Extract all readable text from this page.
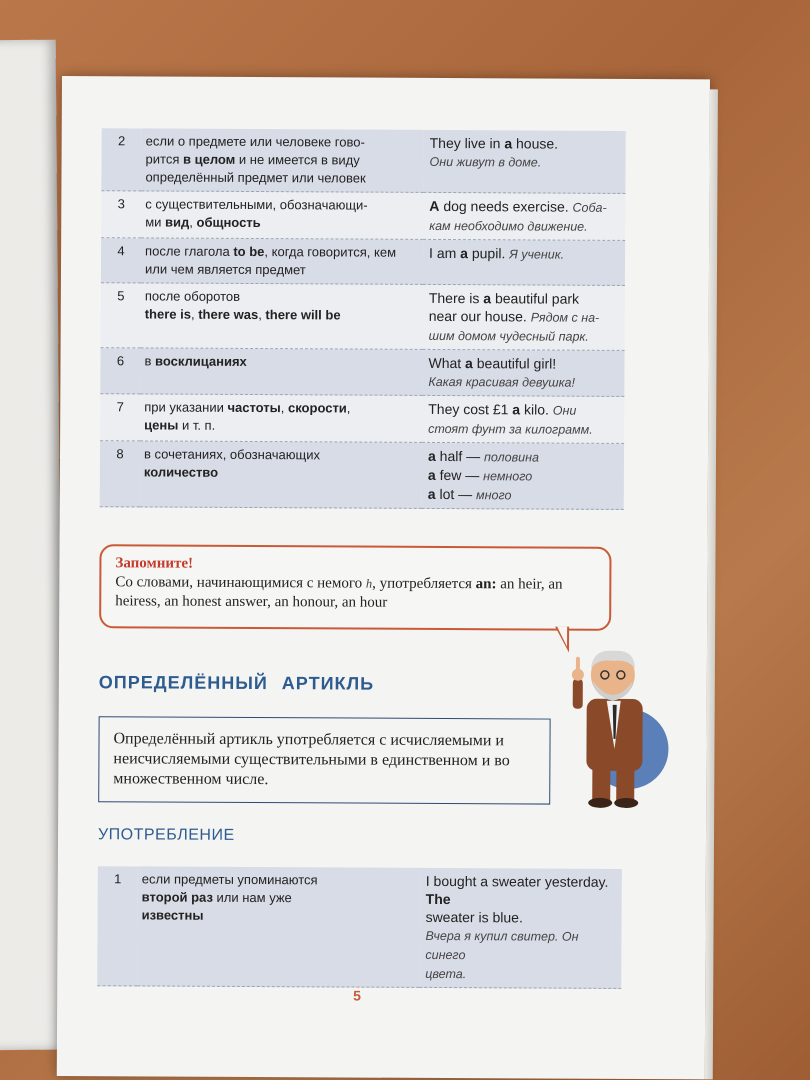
2	если о предмете или человеке гово-
рится в целом и не имеется в виду определённый предмет или человек	They live in a house.
Они живут в доме.
3	с существительными, обозначающи-
ми вид, общность	A dog needs exercise. Соба-
кам необходимо движение.
4	после глагола to be, когда говорится, кем или чем является предмет	I am a pupil. Я ученик.
5	после оборотов
there is, there was, there will be	There is a beautiful park
near our house. Рядом с на-
шим домом чудесный парк.
6	в восклицаниях	What a beautiful girl!
Какая красивая девушка!
7	при указании частоты, скорости,
цены и т. п.	They cost £1 a kilo. Они
стоят фунт за килограмм.
8	в сочетаниях, обозначающих
количество	a half — половина
a few — немного
a lot — много
Запомните!
Со словами, начинающимися с немого h, употребляется an: an heir, an heiress, an honest answer, an honour, an hour
ОПРЕДЕЛЁННЫЙ АРТИКЛЬ
Определённый артикль употребляется с исчисляемыми и неисчисляемыми существительными в единственном и во множественном числе.
УПОТРЕБЛЕНИЕ
1	если предметы упоминаются
второй раз или нам уже
известны	I bought a sweater yesterday. The
sweater is blue.
Вчера я купил свитер. Он синего
цвета.
5
